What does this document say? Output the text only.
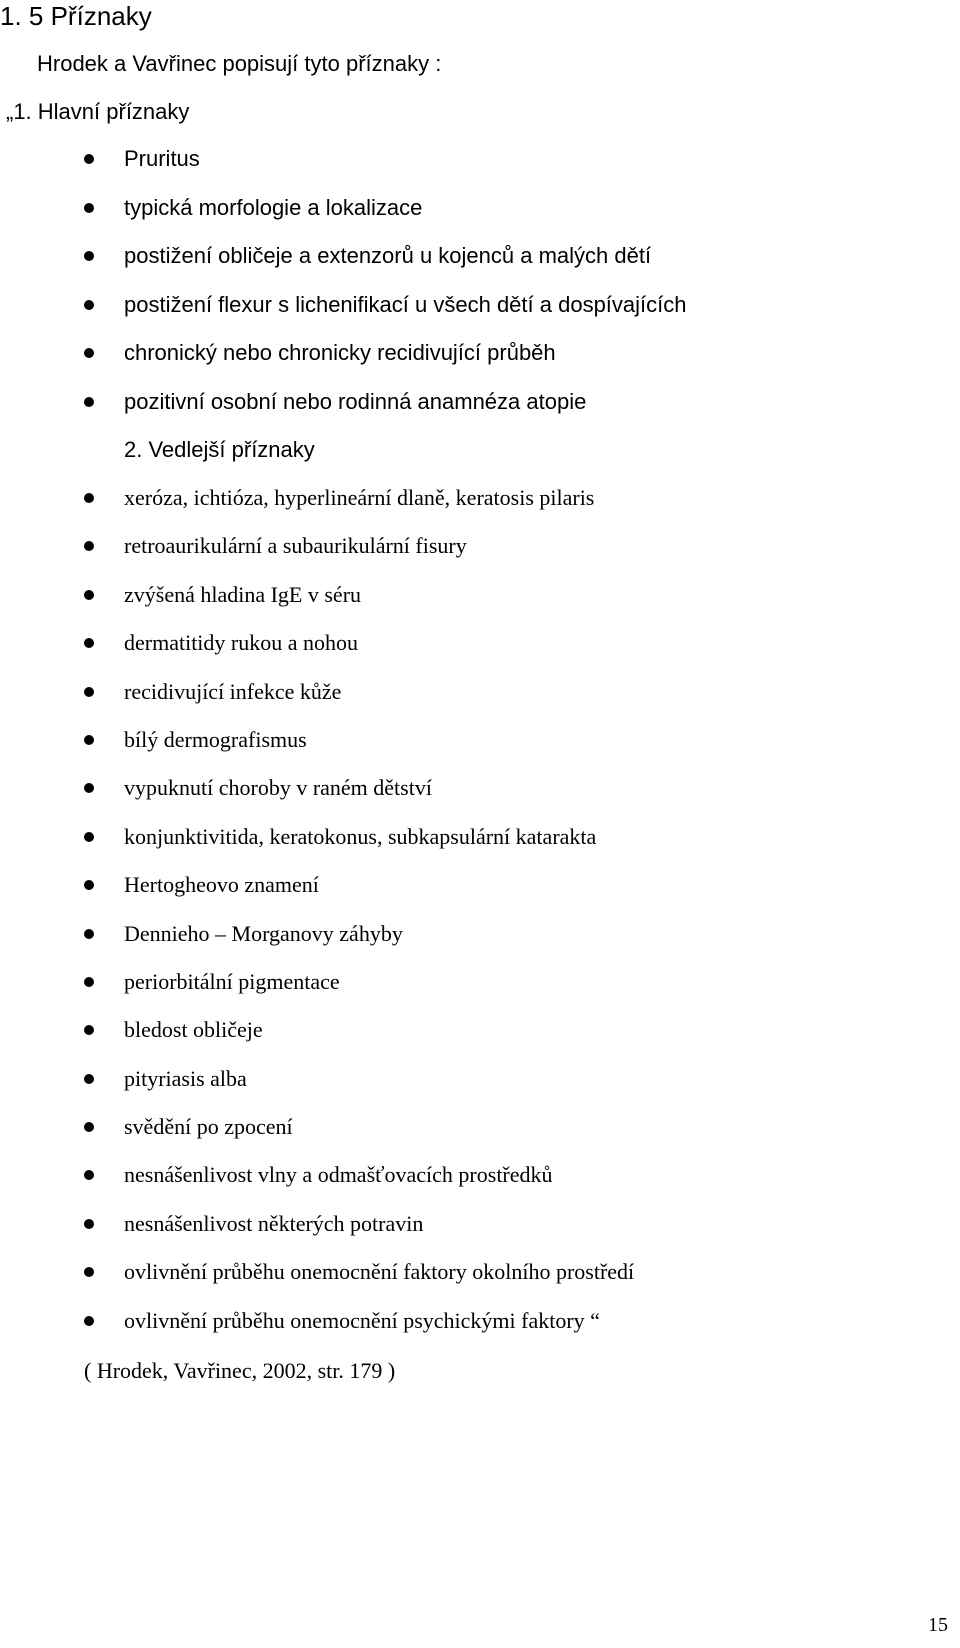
1. 5 Příznaky
Hrodek a Vavřinec popisují tyto příznaky :
„1. Hlavní příznaky
Pruritus
typická morfologie a lokalizace
postižení obličeje a extenzorů u kojenců a malých dětí
postižení flexur s lichenifikací u všech dětí a dospívajících
chronický nebo chronicky recidivující průběh
pozitivní osobní nebo rodinná anamnéza atopie
2. Vedlejší příznaky
xeróza, ichtióza, hyperlineární dlaně, keratosis pilaris
retroaurikulární a subaurikulární fisury
zvýšená hladina IgE v séru
dermatitidy rukou a nohou
recidivující infekce kůže
bílý dermografismus
vypuknutí choroby v raném dětství
konjunktivitida, keratokonus, subkapsulární katarakta
Hertogheovo znamení
Dennieho – Morganovy záhyby
periorbitální pigmentace
bledost obličeje
pityriasis alba
svědění po zpocení
nesnášenlivost vlny a odmašťovacích prostředků
nesnášenlivost některých potravin
ovlivnění průběhu onemocnění faktory okolního prostředí
ovlivnění průběhu onemocnění psychickými faktory “
( Hrodek, Vavřinec, 2002, str. 179 )
15
